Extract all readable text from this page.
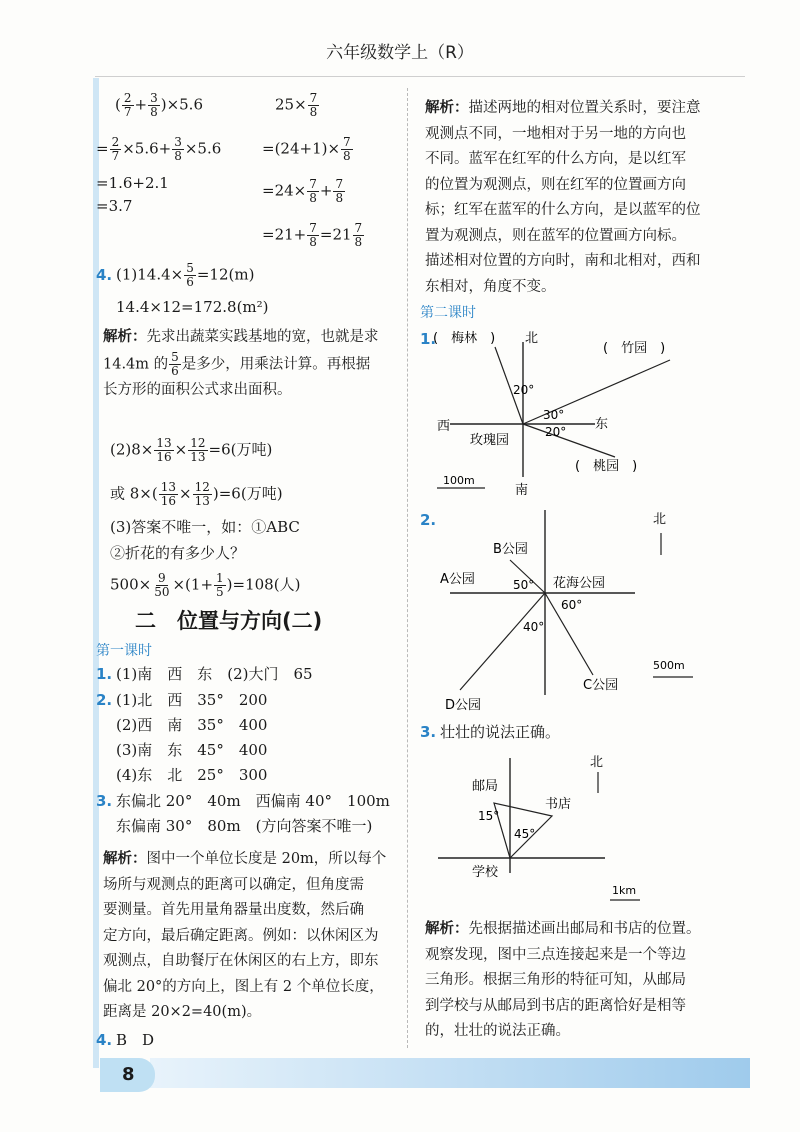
六年级数学上（R）
( $\frac{2}{7} + \frac{3}{8} )\times 5.6$
= $\frac{2}{7} \times 5.6+ \frac{3}{8} \times 5.6$
=1.6+2.1
=3.7
$25\times \frac{7}{8}$
$=(24+1)\times \frac{7}{8}$
$=24\times \frac{7}{8} + \frac{7}{8}$
$=21+ \frac{7}{8} =21 \frac{7}{8}$
4. $(1)14.4\times \frac{5}{6} =12(m)$
14.4×12=172.8(m²)
解析：先求出蔬菜实践基地的宽，也就是求
14.4m 的 $\frac{5}{6}$ 是多少，用乘法计算。再根据
长方形的面积公式求出面积。
$(2)8\times \frac{13}{16} \times \frac{12}{13} =6$(万吨)
或 $8\times( \frac{13}{16} \times \frac{12}{13} )=6$(万吨)
(3)答案不唯一，如：①ABC
②折花的有多少人？
$500\times \frac{9}{50} \times(1+ \frac{1}{5} )=108$(人)
二　位置与方向(二)
第一课时
1. (1)南　西　东　(2)大门　65
2. (1)北　西　35°　200
(2)西　南　35°　400
(3)南　东　45°　400
(4)东　北　25°　300
3. 东偏北 20°　40m　西偏南 40°　100m
东偏南 30°　80m　(方向答案不唯一)
解析：图中一个单位长度是 20m，所以每个
场所与观测点的距离可以确定，但角度需
要测量。首先用量角器量出度数，然后确
定方向，最后确定距离。例如：以休闲区为
观测点，自助餐厅在休闲区的右上方，即东
偏北 20°的方向上，图上有 2 个单位长度，
距离是 20×2=40(m)。
4. B　D
解析：描述两地的相对位置关系时，要注意
观测点不同，一地相对于另一地的方向也
不同。蓝军在红军的什么方向，是以红军
的位置为观测点，则在红军的位置画方向
标；红军在蓝军的什么方向，是以蓝军的位
置为观测点，则在蓝军的位置画方向标。
描述相对位置的方向时，南和北相对，西和
东相对，角度不变。
第二课时
1.
(　梅林　) 北
(　竹园　)
20°
30°
东
西	20°
玫瑰园
(　桃园　)
南
100m
2.	北
B公园
A公园	50° 花海公园
60°
40°
C公园
D公园
500m
3. 壮壮的说法正确。
北
邮局
书店
15°
45°
学校
1km
解析：先根据描述画出邮局和书店的位置。
观察发现，图中三点连接起来是一个等边
三角形。根据三角形的特征可知，从邮局
到学校与从邮局到书店的距离恰好是相等
的，壮壮的说法正确。
8
